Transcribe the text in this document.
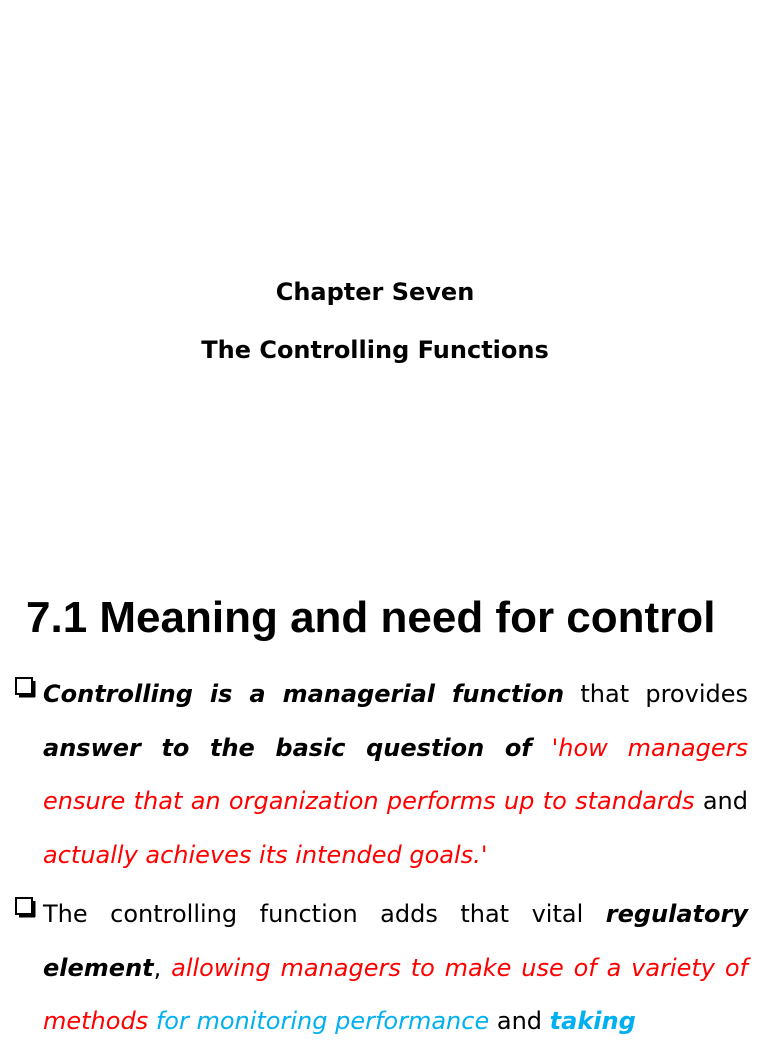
Chapter Seven
The Controlling Functions
7.1 Meaning and need for control
Controlling is a managerial function that provides answer to the basic question of 'how managers ensure that an organization performs up to standards and actually achieves its intended goals.'
The controlling function adds that vital regulatory element, allowing managers to make use of a variety of methods for monitoring performance and taking
